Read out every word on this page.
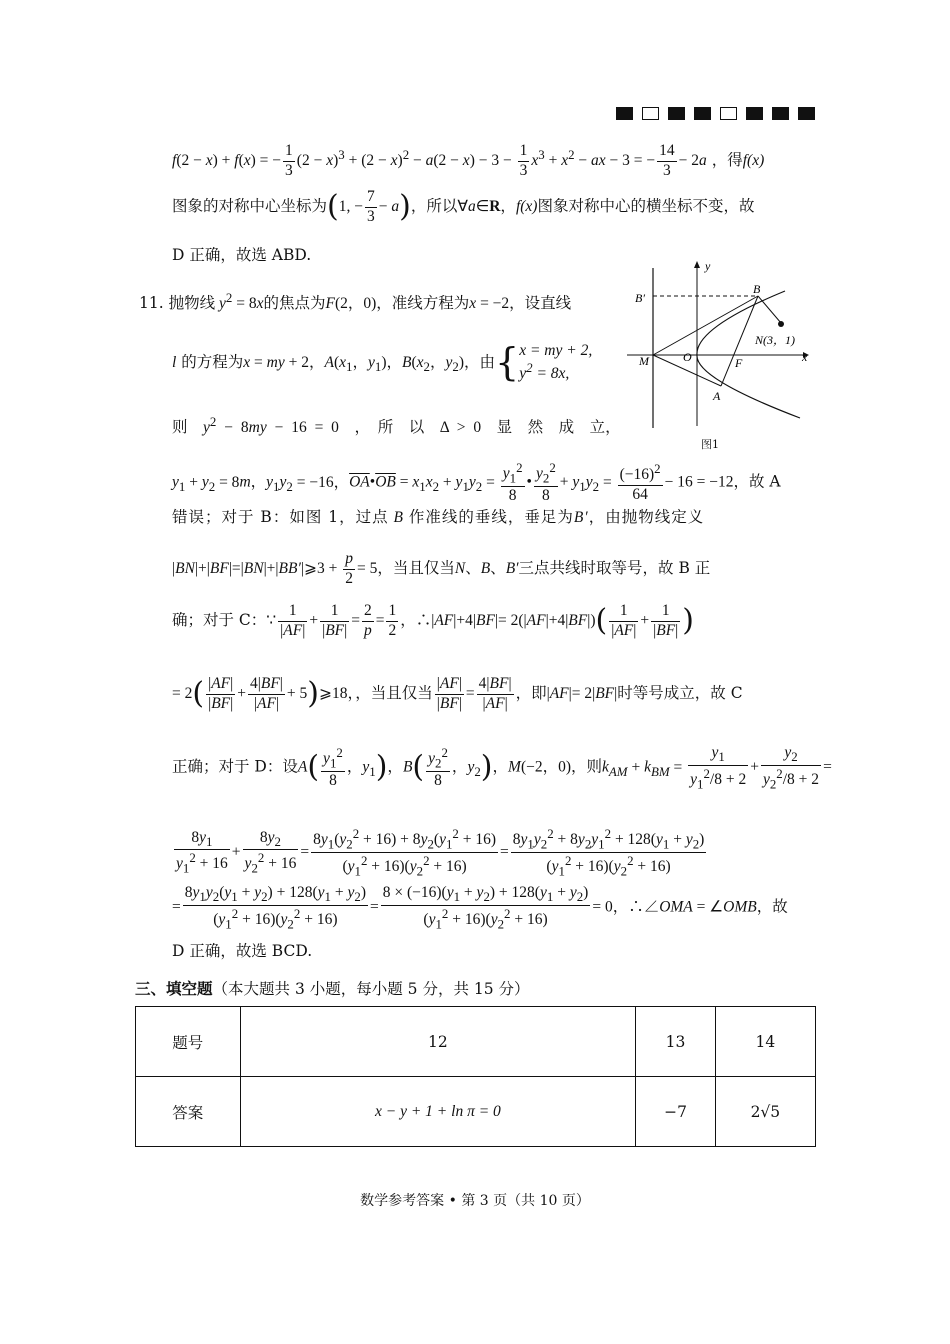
f(2 − x) + f(x) = − $\frac{1}{3} (2 - x)^3 + (2 - x)^2 - a(2 - x) - 3 - \frac{1}{3} x^3 + x^2$ − ax − 3 = − $\frac{14}{3} - 2a$ ，得f(x)
图象的对称中心坐标为(1, − $\frac{7}{3} - a$)，所以∀a∈R，f(x)图象对称中心的横坐标不变，故
D 正确，故选 ABD.
11. 抛物线 $y^2 = 8x$的焦点为F(2，0)，准线方程为x = −2，设直线
l 的方程为x = my + 2，$A(x_1$，$y_1$)，$B(x_2$，$y_2$)，由{ x = my + 2,
$y^2 = 8x$,
则　 $y^2 - 8my - 16 = 0$　，　所　以　 Δ > 0　 显　然　成　立，
$y_1 + y_2 = 8m$，$y_1y_2 = -16$，$\overline{OA}•\overline{OB} = x_1x_2 + y_1y_2 = \frac{y_1^2}{8}$ • $\frac{y_2^2}{8} + y_1y_2 = \frac{(-16)^2}{64} - 16 = -12$，故 A
错误；对于 B：如图 1，过点 B 作准线的垂线，垂足为B′，由抛物线定义
|BN|+|BF|=|BN|+|BB′|⩾3 + $\frac{p}{2} = 5$，当且仅当N、B、B′三点共线时取等号，故 B 正
确；对于 C：∵ $\frac{1}{|AF|} + \frac{1}{|BF|} = \frac{2}{p} = \frac{1}{2}$ ，∴|AF|+4|BF|= $2(|AF|+4|BF|)( \frac{1}{|AF|} + \frac{1}{|BF|}$ )
= $2( \frac{|AF|}{|BF|} + \frac{4|BF|}{|AF|}$ + 5)⩾18，，当且仅当 $\frac{|AF|}{|BF|} = \frac{4|BF|}{|AF|}$ ，即|AF|= 2|BF|时等号成立，故 C
正确；对于 D：设$A( \frac{y_1^2}{8}$ ，$y_1$)，$B( \frac{y_2^2}{8}$ ，$y_2$)，M(−2，0)，则$k_{AM} + k_{BM} = \frac{y_1}{y_1^2/8 + 2} + \frac{y_2}{y_2^2/8 + 2}$ =
$\frac{8y_1}{y_1^2 + 16} + \frac{8y_2}{y_2^2 + 16} = \frac{8y_1(y_2^2 + 16) + 8y_2(y_1^2 + 16)}{(y_1^2 + 16)(y_2^2 + 16)} = \frac{8y_1y_2^2 + 8y_2y_1^2 + 128(y_1 + y_2)}{(y_1^2 + 16)(y_2^2 + 16)}$
= $\frac{8y_1y_2(y_1 + y_2) + 128(y_1 + y_2)}{(y_1^2 + 16)(y_2^2 + 16)} = \frac{8 \times (-16)(y_1 + y_2) + 128(y_1 + y_2)}{(y_1^2 + 16)(y_2^2 + 16)} = 0$，∴∠OMA = ∠OMB，故
D 正确，故选 BCD.
三、填空题（本大题共 3 小题，每小题 5 分，共 15 分）
y
x
B
B′
N(3，1)
M	O	F
A
图1
题号	12	13	14
答案	x − y + 1 + ln π = 0	−7	2√5
数学参考答案 • 第 3 页（共 10 页）
